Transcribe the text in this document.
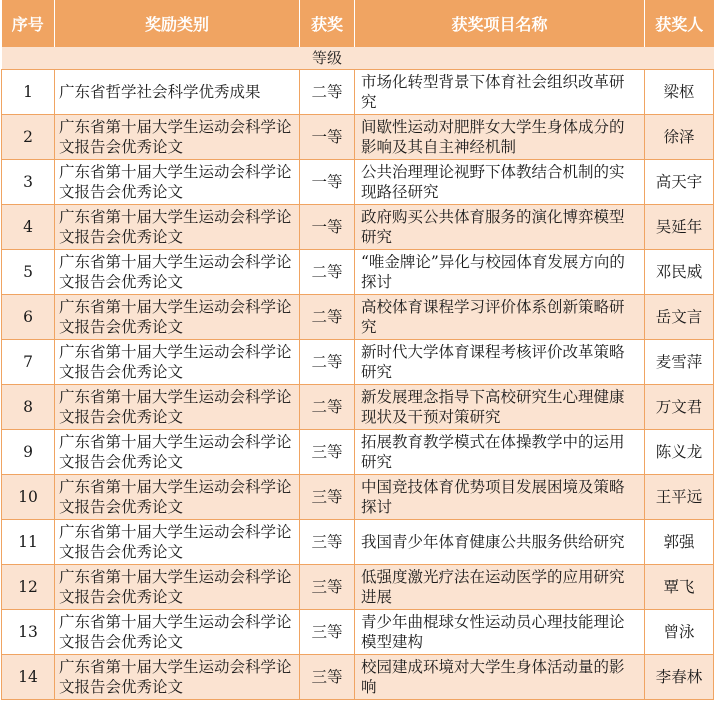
序号	奖励类别	获奖	获奖项目名称	获奖人
		等级		
1	广东省哲学社会科学优秀成果	二等	市场化转型背景下体育社会组织改革研究	梁枢
2	广东省第十届大学生运动会科学论文报告会优秀论文	一等	间歇性运动对肥胖女大学生身体成分的影响及其自主神经机制	徐泽
3	广东省第十届大学生运动会科学论文报告会优秀论文	一等	公共治理理论视野下体教结合机制的实现路径研究	高天宇
4	广东省第十届大学生运动会科学论文报告会优秀论文	一等	政府购买公共体育服务的演化博弈模型研究	吴延年
5	广东省第十届大学生运动会科学论文报告会优秀论文	二等	“唯金牌论”异化与校园体育发展方向的探讨	邓民威
6	广东省第十届大学生运动会科学论文报告会优秀论文	二等	高校体育课程学习评价体系创新策略研究	岳文言
7	广东省第十届大学生运动会科学论文报告会优秀论文	二等	新时代大学体育课程考核评价改革策略研究	麦雪萍
8	广东省第十届大学生运动会科学论文报告会优秀论文	二等	新发展理念指导下高校研究生心理健康现状及干预对策研究	万文君
9	广东省第十届大学生运动会科学论文报告会优秀论文	三等	拓展教育教学模式在体操教学中的运用研究	陈义龙
10	广东省第十届大学生运动会科学论文报告会优秀论文	三等	中国竞技体育优势项目发展困境及策略探讨	王平远
11	广东省第十届大学生运动会科学论文报告会优秀论文	三等	我国青少年体育健康公共服务供给研究	郭强
12	广东省第十届大学生运动会科学论文报告会优秀论文	三等	低强度激光疗法在运动医学的应用研究进展	覃飞
13	广东省第十届大学生运动会科学论文报告会优秀论文	三等	青少年曲棍球女性运动员心理技能理论模型建构	曾泳
14	广东省第十届大学生运动会科学论文报告会优秀论文	三等	校园建成环境对大学生身体活动量的影响	李春林
